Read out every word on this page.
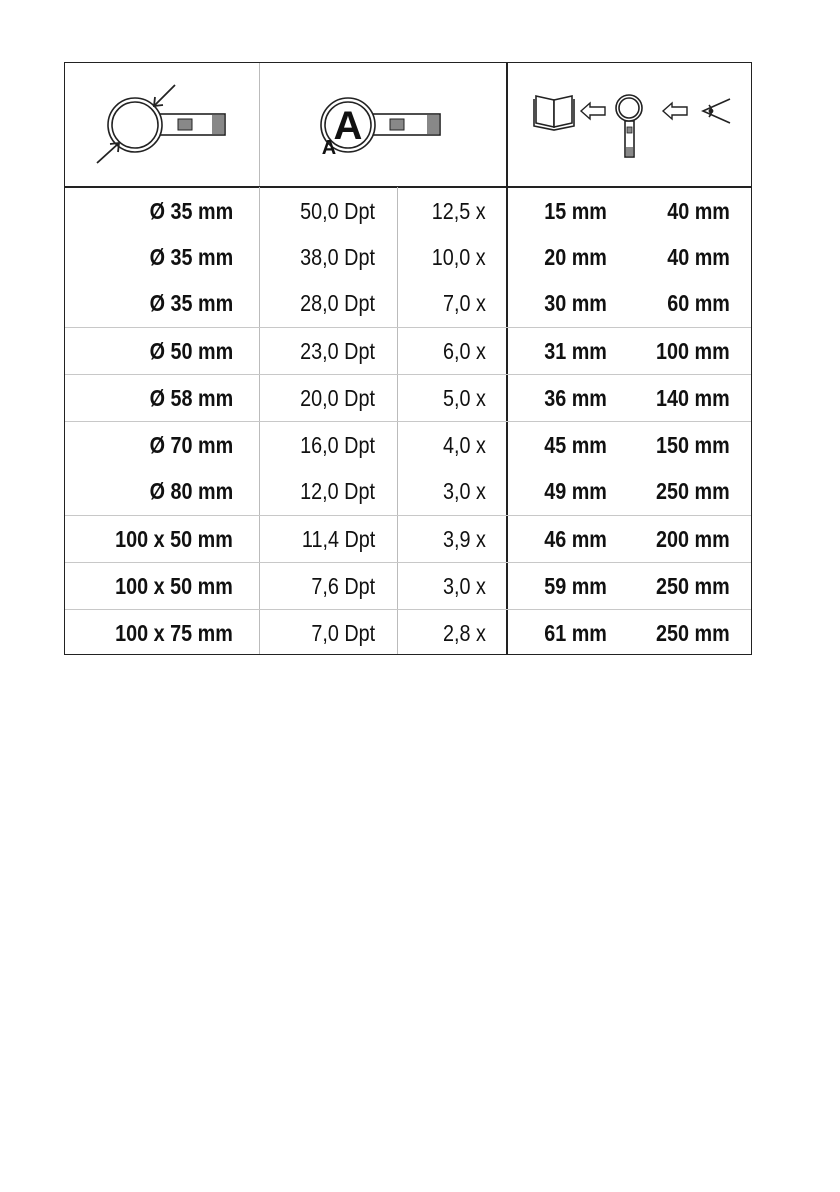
A
A
Ø 35 mm	50,0 Dpt 12,5 x	15 mm	40 mm
Ø 35 mm	38,0 Dpt 10,0 x	20 mm	40 mm
Ø 35 mm	28,0 Dpt	7,0 x	30 mm	60 mm
Ø 50 mm	23,0 Dpt	6,0 x	31 mm 100 mm
Ø 58 mm	20,0 Dpt	5,0 x	36 mm 140 mm
Ø 70 mm	16,0 Dpt	4,0 x	45 mm 150 mm
Ø 80 mm	12,0 Dpt	3,0 x	49 mm 250 mm
100 x 50 mm	11,4 Dpt	3,9 x	46 mm 200 mm
100 x 50 mm	7,6 Dpt	3,0 x	59 mm 250 mm
100 x 75 mm	7,0 Dpt	2,8 x	61 mm 250 mm
